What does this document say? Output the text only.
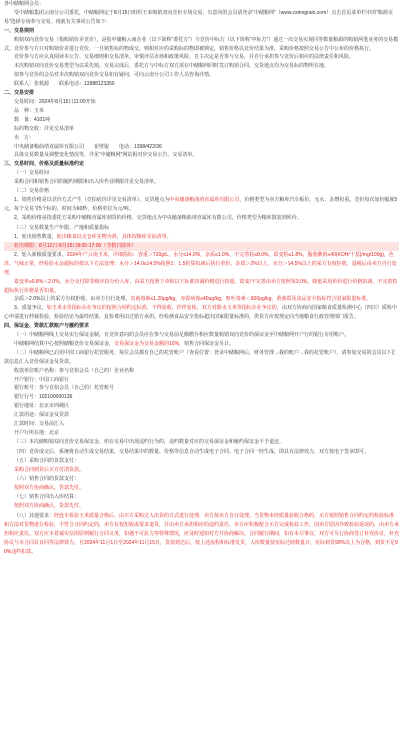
各中储粮网会员：

受中储粮集团云南分公司委托，中储粮网定于8月15日组织玉米购销双向竞价专场交易，有意向的会员请登录“中储粮网”（www.csinograin.com）点击首页菜单栏中的“粮源交易”选择专场参与交易。现就有关事项公告如下：

一、交易规则

购销双向竞价交易（指购销价差竞价），是指中储粮云南企业（以下简称“委托方”）与竞价中标方（以下简称“中标方”）通过一次交易实现同等数量粮源的购销两笔业务的交易模式。竞价参与方只对购销价差进行竞价，一旦销售标的物成交，则相对应的采购标的物即被锁定，销售价格以竞价结果为准，采购价格按照交易公告中公布的价格执行。

竞价参与方应认真阅读本公告、交易细则和交易清单，审慎评估市场和政策风险，自主决定是否参与交易，并自行承担参与竞价后相应的法律责任和风险。

本次购销双向竞价交易类型为以采先销，交易完成后，委托方与中标方双方需在中储粮网同时签订购销合同，交货地点均为交易标的物所在地。

拟参与竞价的会员对本次购销双向竞价交易如有疑问，可向云南分公司工作人员咨询详情。

联系人：张秩源　　联系电话：13988123350

二、交易安排

交易时间：2024年8月15日11:00开始

品　种：玉米

数　量：4101吨

标的物交收：详见交易清单

卖　方：

中央储备粮曲靖直属库有限公司　　崔壁锟　　电话：1398/422/36

具体交易数量及调整变化情况等，详见“中储粮网”网站相对应交易公告、交易清单。

三、交易时间、价格及质量标准约定

（一）交易时间

采购合同和销售合同的履约期限和出入库作业期限详见交易清单。

（二）交易价格

1、销售价格是以竞价方式产生（竞拍底价详见交易清单），交货地点为中央储备粮曲靖直属库有限公司，价格类型为卖方粮库汽车板价，无水、杂增扣重。竞价每次加价幅度5元，每个交易节5个标的，时间为60秒，价格单位为元/吨。

2、采购价格是指委托方采购中储粮直属库到货的价格，交货地点为中央储备粮曲靖直属库有限公司，价格类型为粮库散装到库价。

（三）交易数量生产年限、产地和质量指标

1、轮出销售数量，轮出粮食以交仓库实物为准，具体按粮库实际清单。

轮出期限：8月12日-8月15日8:00-17:00（节假日除外）

2、轮入新粮质量要求，2024年产云南玉米，详细指标：容重＞720g/L，水分≤14.0%，杂质≤1.0%，不完善粒≤8.0%，霉变粒≤1.8%，脂肪酸值≤40(KOH/干基)/mg/100g)，色泽、气味正常，经检验水杂超标的按以下方法处理：水分＞14.0≤14.5%按照1：1.5折算扣减后执行单价。杂质＞2%以上，水分＞14.5%以上的采方有权拒收，退税后由卖方自行处理，

霉变率≤0.8%＜2.0%，水分交付降等级应扣分价入库，由采方按照下章和以下标准扣减价格进行扣量，霉变/不完善由卖方按照每3.0%，降低采用单价进行价格扣减，不完善粒超标执行价格是否扣量。

杂质＞2.0%以上的采方有权拒收，由卖方自行处理。真菌毒素≤1.20μg/kg，赤霉病毒≤40ug/kg，呕吐毒素＜600μg/kg，黄曲霉及食品安全指标符合国家限量标准。

3、质量争议。如玉米水等指标存在争议的按照合同约定标准，不得验收、扦样复检，双方对除水玉米等指标存在争议的，由双方协商向国家粮食质量检测中心（四川）质检中心申请进行仲裁检验，检验结论为最终结果，复检费用由过错方承担。经检测食品安全指标超出国家限量标准的，供货方应按规定向当地粮食行政管理部门报告。

四、保证金、资款汇款账户与履约要求

（一）中储粮网线上交易实行保证金制，有竞价意向的会员应在参与交易前足额缴存相应数量购销双向竞价的保证金至中储粮网开户行的银行专用账户。

中储粮网结算中心按照储粮竞价交易保证金，交易保证金为交易金额的10%，销售合同保证金另计。

（二）中储粮网已启用中国工商银行托管服务，每位会员都有自己的托管账户（查看位置：登录中储粮网后，财务管理→我的账户→我的托管账户），请参加交易的会员以下汇款信息汇入竞价保证金及货款。

收款单位账户名称：参与竞拍会员（自己的）企业名称

开户银行：中国工商银行

银行账号：参与竞拍会员（自己的）托管账号

银行行号：102100000136

银行地址：北京市西城区

汇款用途：保证金及货款

汇款时间：交易前汇入

开户行所在地：北京

（三）本次储购销双向竞价交易保证金，但在交易中出现违约行为的，违约数量对应的交易保证金和履约保证金不予退还。

（四）竞价成交后，系统将自动生成交易结果，交易结果中的数量、价格等信息自动生成电子合同。电子合同一经生成，即具有法律效力，双方按电子签章即可。

（五）采购合同的货款支付：

采购合同到货后买方付清货款。

（六）销售合同的货款支付：

按照双方协商确认，货款先付。

（七）销售合同出入库结算：

按照双方协商确认，货款先付。

（八）其他要求：经连车检验玉米质量合格后，由买方采购过入出货的方式进行处理，卖方按卖方自行处理。当货物未经质量验收合格的，买方按照销售合同约定的检验标准和方法对货物进行检验，不符合合同约定的，卖方有权拒收或要求退货，并由卖方承担相应的违约责任。卖方应积极配合买方完成检验工作，因卖方原因导致检验延误的，由卖方承担相应责任。双方应本着诚实信用原则履行合同义务，如遇不可抗力等特殊情况，应及时通知对方并协商解决。合同履行期间，如有未尽事宜，双方可另行协商签订补充协议，补充协议与本合同具有同等法律效力。自2024年11月1日至2024年11月15日，货款到达后，按上述流程和标准发货，入库数量按实际过磅数量计，实际到货90%以上为合格，到货不足90%违约扣款。
